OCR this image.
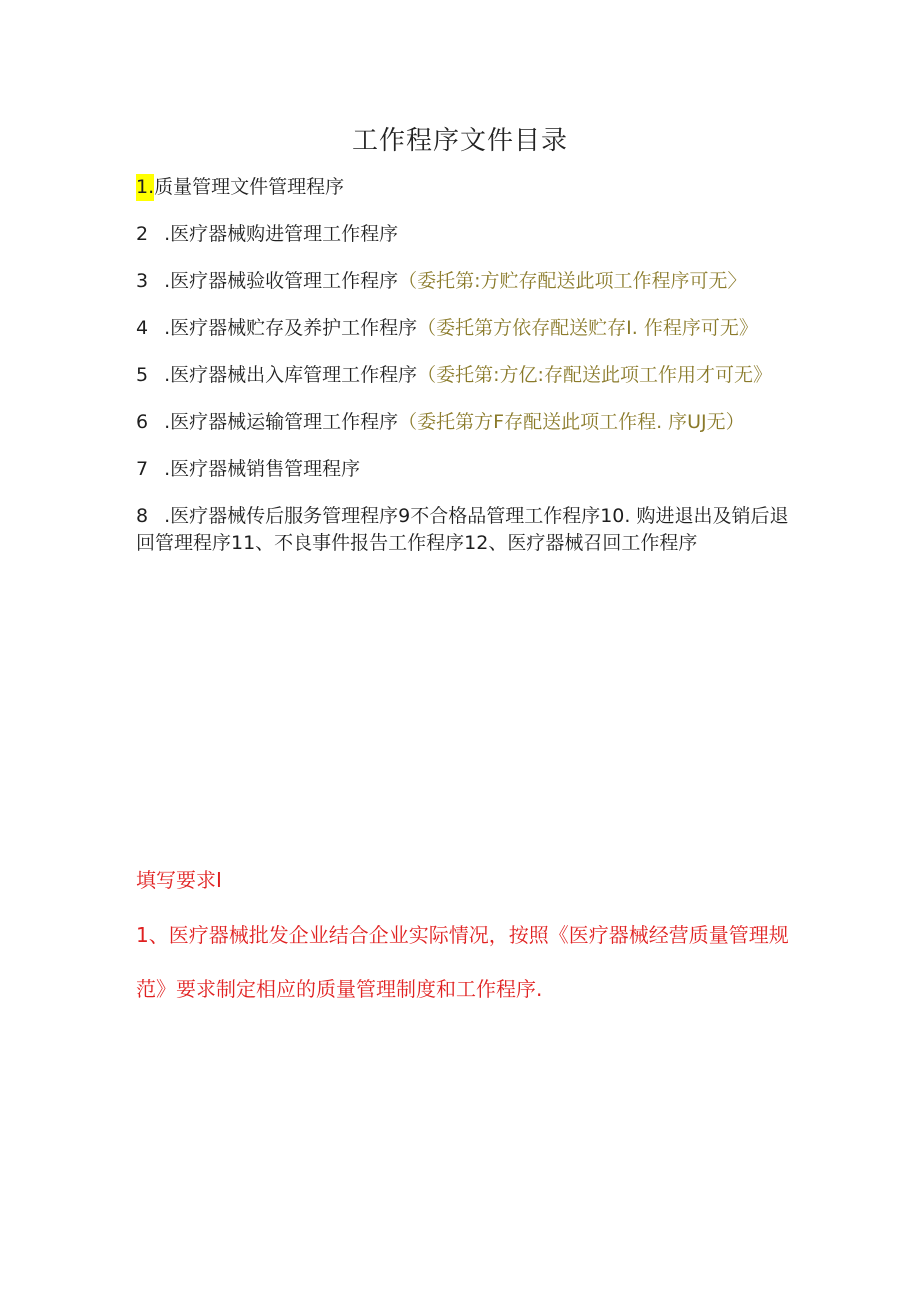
工作程序文件目录

1.质量管理文件管理程序

2 .医疗器械购进管理工作程序

3 .医疗器械验收管理工作程序（委托第:方贮存配送此项工作程序可无〉

4 .医疗器械贮存及养护工作程序（委托第方依存配送贮存I. 作程序可无》

5 .医疗器械出入库管理工作程序（委托第:方亿:存配送此项工作用才可无》

6 .医疗器械运输管理工作程序（委托第方F存配送此项工作程. 序UJ无）

7 .医疗器械销售管理程序

8 .医疗器械传后服务管理程序9不合格品管理工作程序10. 购进退出及销后退回管理程序11、不良事件报告工作程序12、医疗器械召回工作程序

填写要求I
1、医疗器械批发企业结合企业实际情况，按照《医疗器械经营质量管理规范》要求制定相应的质量管理制度和工作程序.
